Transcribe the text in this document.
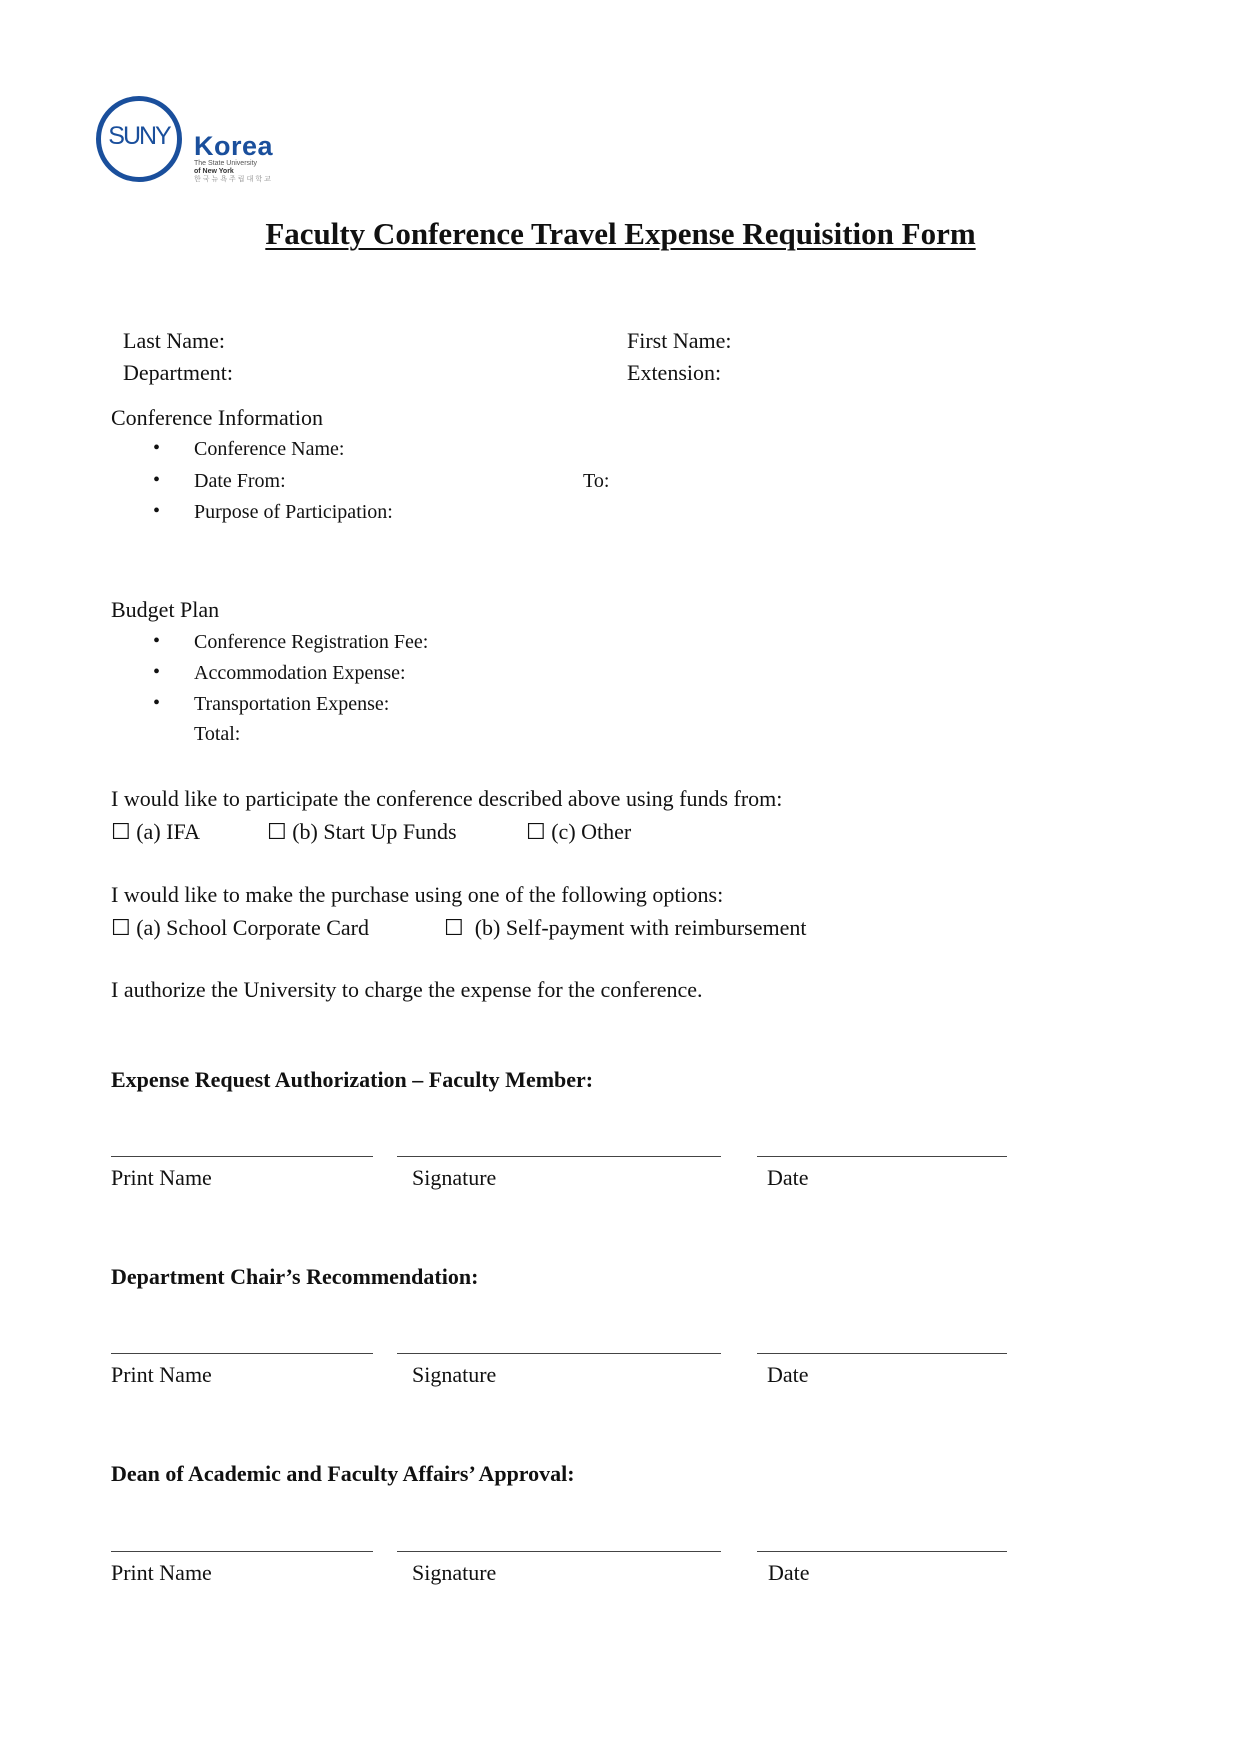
SUNY Korea
The State University
of New York
한국뉴욕주립대학교
Faculty Conference Travel Expense Requisition Form
Last Name:	First Name:
Department:	Extension:
Conference Information
• Conference Name:
• Date From:	To:
• Purpose of Participation:
Budget Plan
• Conference Registration Fee:
• Accommodation Expense:
• Transportation Expense:
Total:
I would like to participate the conference described above using funds from:
☐ (a) IFA	☐ (b) Start Up Funds	☐ (c) Other
I would like to make the purchase using one of the following options:
☐ (a) School Corporate Card	☐ (b) Self-payment with reimbursement
I authorize the University to charge the expense for the conference.
Expense Request Authorization – Faculty Member:
Print Name	Signature	Date
Department Chair’s Recommendation:
Print Name	Signature	Date
Dean of Academic and Faculty Affairs’ Approval:
Print Name	Signature	Date
